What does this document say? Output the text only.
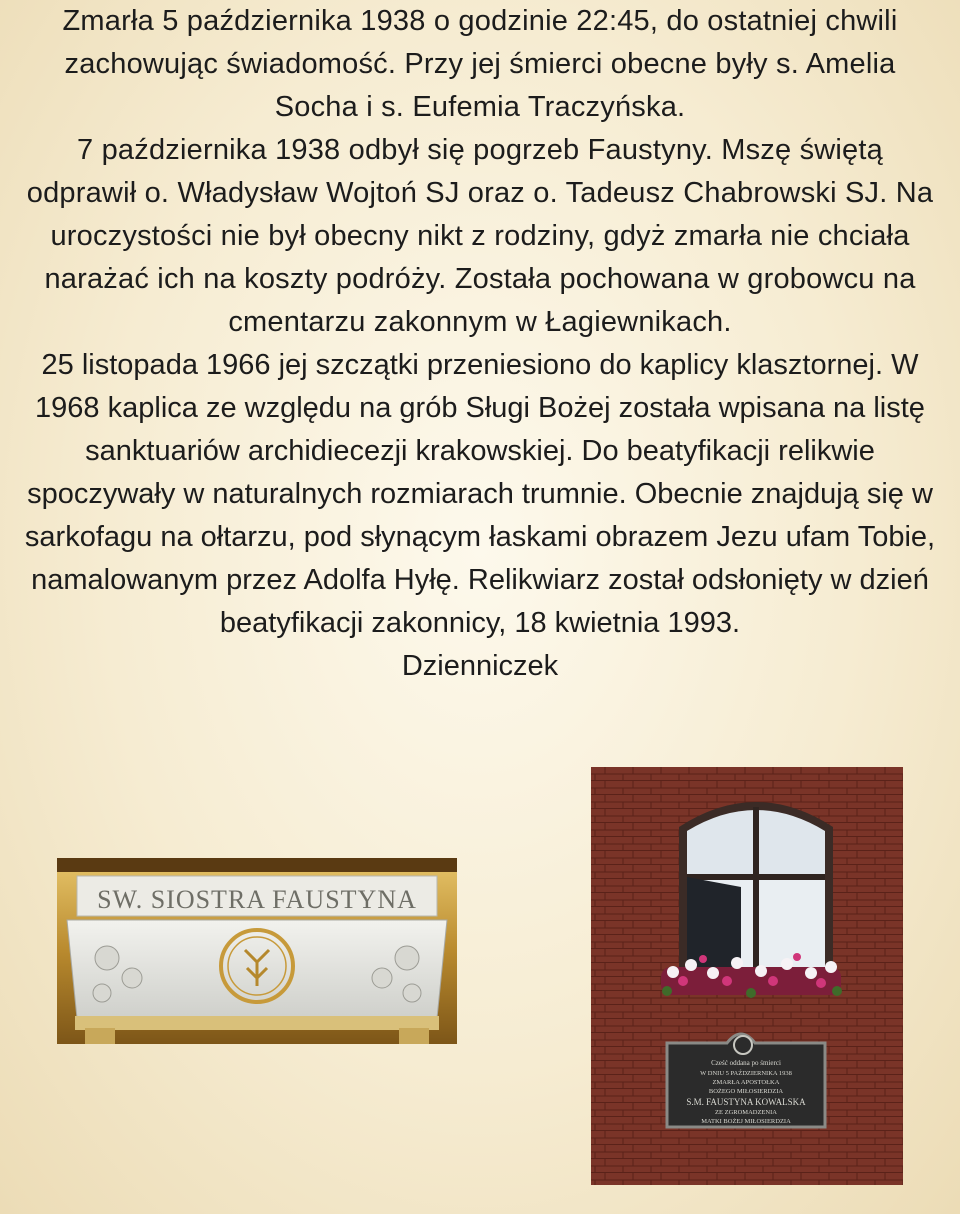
Zmarła 5 października 1938 o godzinie 22:45, do ostatniej chwili zachowując świadomość. Przy jej śmierci obecne były s. Amelia Socha i s. Eufemia Traczyńska.

7 października 1938 odbył się pogrzeb Faustyny. Mszę świętą odprawił o. Władysław Wojtoń SJ oraz o. Tadeusz Chabrowski SJ. Na uroczystości nie był obecny nikt z rodziny, gdyż zmarła nie chciała narażać ich na koszty podróży. Została pochowana w grobowcu na cmentarzu zakonnym w Łagiewnikach.

25 listopada 1966 jej szczątki przeniesiono do kaplicy klasztornej. W 1968 kaplica ze względu na grób Sługi Bożej została wpisana na listę sanktuariów archidiecezji krakowskiej. Do beatyfikacji relikwie spoczywały w naturalnych rozmiarach trumnie. Obecnie znajdują się w sarkofagu na ołtarzu, pod słynącym łaskami obrazem Jezu ufam Tobie, namalowanym przez Adolfa Hyłę. Relikwiarz został odsłonięty w dzień beatyfikacji zakonnicy, 18 kwietnia 1993.

Dzienniczek

SW. SIOSTRA FAUSTYNA
Cześć oddana po śmierci
W DNIU 5 PAŹDZIERNIKA 1938
ZMARŁA APOSTOŁKA
BOŻEGO MIŁOSIERDZIA
S.M. FAUSTYNA KOWALSKA
ZE ZGROMADZENIA
MATKI BOŻEJ MIŁOSIERDZIA
